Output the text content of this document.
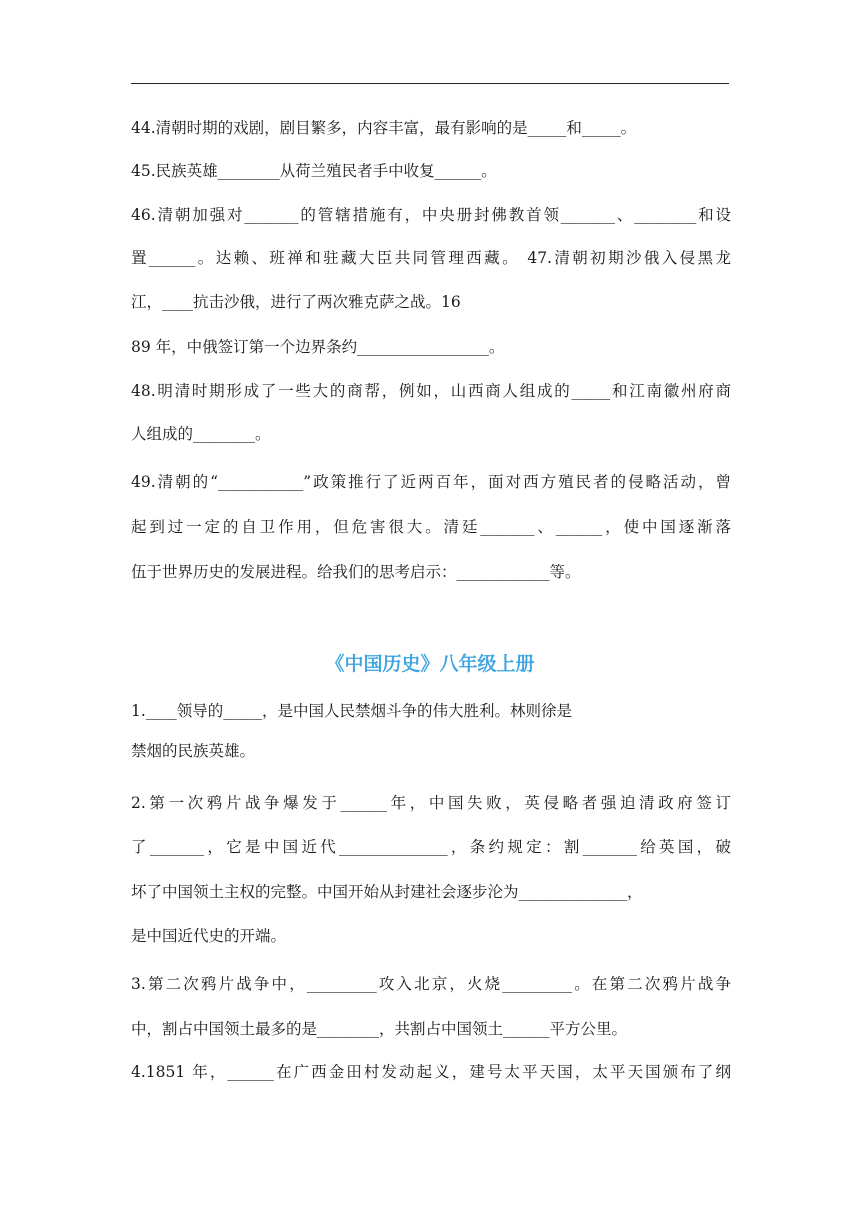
44.清朝时期的戏剧，剧目繁多，内容丰富，最有影响的是_____和_____。
45.民族英雄________从荷兰殖民者手中收复______。
46.清朝加强对_______的管辖措施有，中央册封佛教首领_______、________和设
置______。达赖、班禅和驻藏大臣共同管理西藏。 47.清朝初期沙俄入侵黑龙
江，____抗击沙俄，进行了两次雅克萨之战。16
89 年，中俄签订第一个边界条约_________________。
48.明清时期形成了一些大的商帮，例如，山西商人组成的_____和江南徽州府商
人组成的________。
49.清朝的“___________”政策推行了近两百年，面对西方殖民者的侵略活动，曾
起到过一定的自卫作用，但危害很大。清廷_______、______，使中国逐渐落
伍于世界历史的发展进程。给我们的思考启示：____________等。
《中国历史》八年级上册
1.____领导的_____，是中国人民禁烟斗争的伟大胜利。林则徐是
禁烟的民族英雄。
2.第一次鸦片战争爆发于______年，中国失败，英侵略者强迫清政府签订
了_______，它是中国近代______________，条约规定：割_______给英国，破
坏了中国领土主权的完整。中国开始从封建社会逐步沦为______________，
是中国近代史的开端。
3.第二次鸦片战争中，_________攻入北京，火烧_________。在第二次鸦片战争
中，割占中国领土最多的是________，共割占中国领土______平方公里。
4.1851 年，______在广西金田村发动起义，建号太平天国，太平天国颁布了纲
